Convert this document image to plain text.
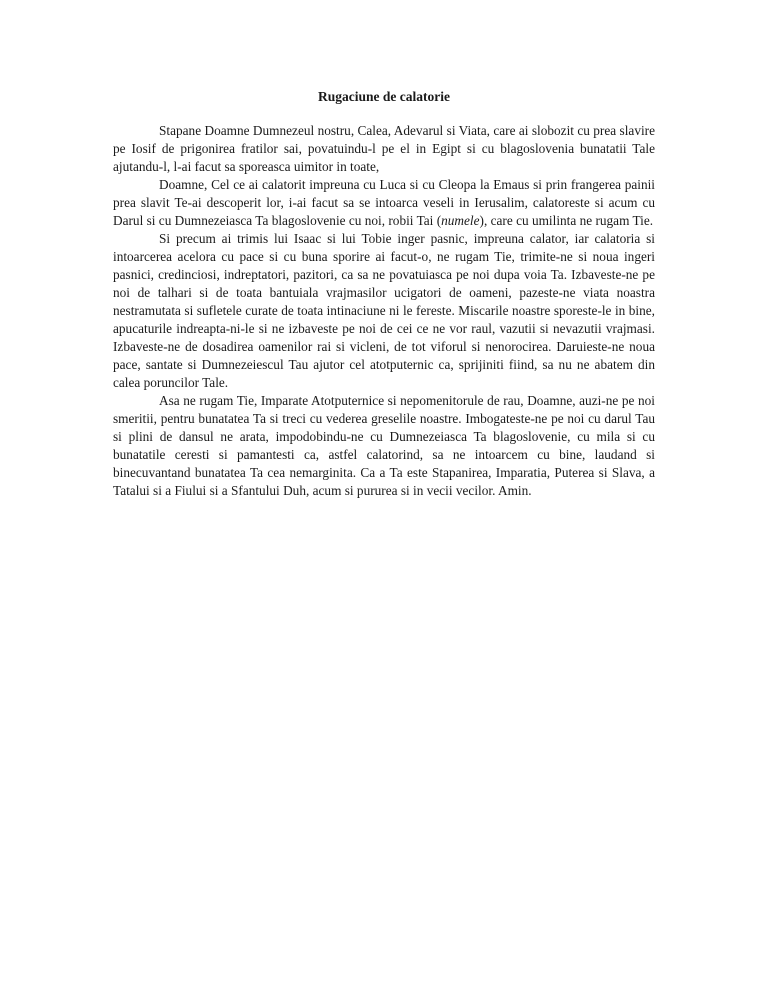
Rugaciune de calatorie

Stapane Doamne Dumnezeul nostru, Calea, Adevarul si Viata, care ai slobozit cu prea slavire pe Iosif de prigonirea fratilor sai, povatuindu-l pe el in Egipt si cu blagoslovenia bunatatii Tale ajutandu-l, l-ai facut sa sporeasca uimitor in toate,

Doamne, Cel ce ai calatorit impreuna cu Luca si cu Cleopa la Emaus si prin frangerea painii prea slavit Te-ai descoperit lor, i-ai facut sa se intoarca veseli in Ierusalim, calatoreste si acum cu Darul si cu Dumnezeiasca Ta blagoslovenie cu noi, robii Tai (numele), care cu umilinta ne rugam Tie.

Si precum ai trimis lui Isaac si lui Tobie inger pasnic, impreuna calator, iar calatoria si intoarcerea acelora cu pace si cu buna sporire ai facut-o, ne rugam Tie, trimite-ne si noua ingeri pasnici, credinciosi, indreptatori, pazitori, ca sa ne povatuiasca pe noi dupa voia Ta. Izbaveste-ne pe noi de talhari si de toata bantuiala vrajmasilor ucigatori de oameni, pazeste-ne viata noastra nestramutata si sufletele curate de toata intinaciune ni le fereste. Miscarile noastre sporeste-le in bine, apucaturile indreapta-ni-le si ne izbaveste pe noi de cei ce ne vor raul, vazutii si nevazutii vrajmasi. Izbaveste-ne de dosadirea oamenilor rai si vicleni, de tot viforul si nenorocirea. Daruieste-ne noua pace, santate si Dumnezeiescul Tau ajutor cel atotputernic ca, sprijiniti fiind, sa nu ne abatem din calea poruncilor Tale.

Asa ne rugam Tie, Imparate Atotputernice si nepomenitorule de rau, Doamne, auzi-ne pe noi smeritii, pentru bunatatea Ta si treci cu vederea greselile noastre. Imbogateste-ne pe noi cu darul Tau si plini de dansul ne arata, impodobindu-ne cu Dumnezeiasca Ta blagoslovenie, cu mila si cu bunatatile ceresti si pamantesti ca, astfel calatorind, sa ne intoarcem cu bine, laudand si binecuvantand bunatatea Ta cea nemarginita. Ca a Ta este Stapanirea, Imparatia, Puterea si Slava, a Tatalui si a Fiului si a Sfantului Duh, acum si pururea si in vecii vecilor. Amin.
